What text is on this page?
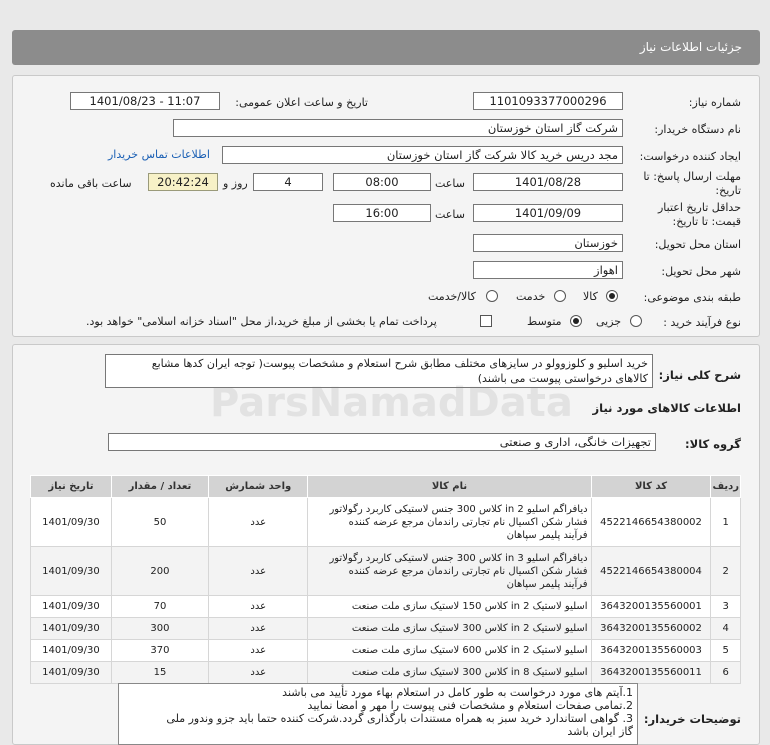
جزئیات اطلاعات نیاز
شماره نیاز:
1101093377000296
تاریخ و ساعت اعلان عمومی:
1401/08/23 - 11:07
نام دستگاه خریدار:
شرکت گاز استان خوزستان
ایجاد کننده درخواست:
مجد دریس خرید کالا شرکت گاز استان خوزستان
اطلاعات تماس خریدار
مهلت ارسال پاسخ: تا
تاریخ:
1401/08/28
ساعت
08:00
4
روز و
20:42:24
ساعت باقی مانده
حداقل تاریخ اعتبار
قیمت: تا تاریخ:
1401/09/09
ساعت
16:00
استان محل تحویل:
خوزستان
شهر محل تحویل:
اهواز
طبقه بندی موضوعی:
کالا
خدمت
کالا/خدمت
نوع فرآیند خرید :
جزیی
متوسط
پرداخت تمام یا بخشی از مبلغ خرید،از محل "اسناد خزانه اسلامی" خواهد بود.
شرح کلی نیاز:
خرید اسلیو و کلوزوولو در سایزهای مختلف مطابق شرح استعلام و مشخصات پیوست( توجه ایران کدها مشابع
کالاهای درخواستی پیوست می باشند)
اطلاعات کالاهای مورد نیاز
گروه کالا:
تجهیزات خانگی، اداری و صنعتی
ردیف	کد کالا	نام کالا	واحد شمارش	تعداد / مقدار	تاریخ نیاز
1	4522146654380002	دیافراگم اسلیو 2 in کلاس 300 جنس لاستیکی کاربرد رگولاتور
فشار شکن اکسیال نام تجارتی راندمان مرجع عرضه کننده
فرآیند پلیمر سپاهان	عدد	50	1401/09/30
2	4522146654380004	دیافراگم اسلیو 3 in کلاس 300 جنس لاستیکی کاربرد رگولاتور
فشار شکن اکسیال نام تجارتی راندمان مرجع عرضه کننده
فرآیند پلیمر سپاهان	عدد	200	1401/09/30
3	3643200135560001	اسلیو لاستیک 2 in کلاس 150 لاستیک سازی ملت صنعت	عدد	70	1401/09/30
4	3643200135560002	اسلیو لاستیک 2 in کلاس 300 لاستیک سازی ملت صنعت	عدد	300	1401/09/30
5	3643200135560003	اسلیو لاستیک 2 in کلاس 600 لاستیک سازی ملت صنعت	عدد	370	1401/09/30
6	3643200135560011	اسلیو لاستیک 8 in کلاس 300 لاستیک سازی ملت صنعت	عدد	15	1401/09/30
توضیحات خریدار:
1.آیتم های مورد درخواست به طور کامل در استعلام بهاء مورد تأیید می باشند
2.تمامی صفحات استعلام و مشخصات فنی پیوست را مهر و امضا نمایید
3. گواهی استاندارد خرید سبز به همراه مستندات بارگذاری گردد.شرکت کننده حتما باید جزو وندور ملی
گاز ایران باشد
